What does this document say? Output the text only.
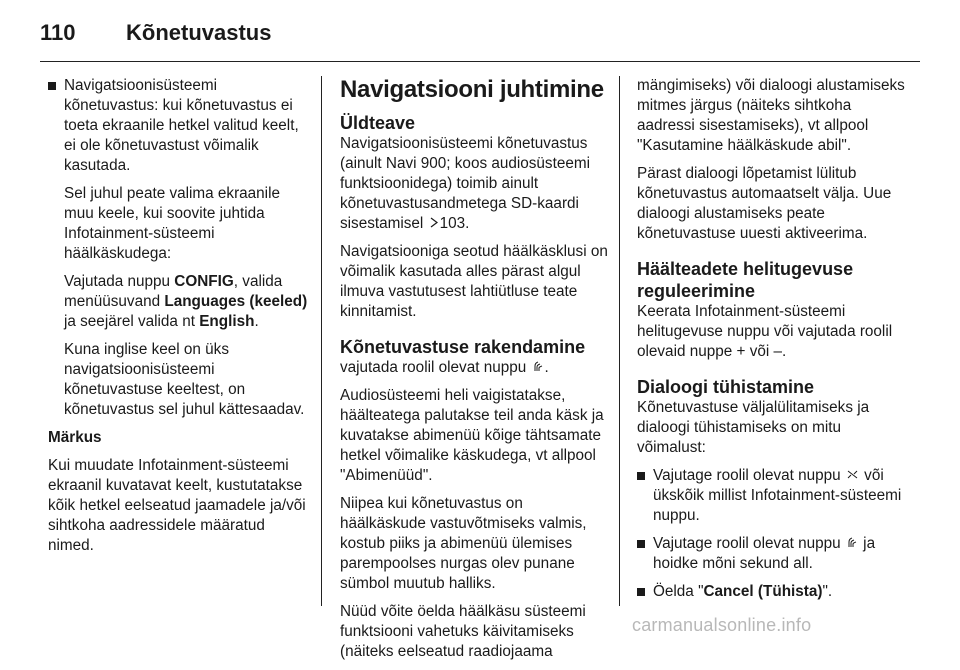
110 Kõnetuvastus

Navigatsioonisüsteemi kõnetuvastus: kui kõnetuvastus ei toeta ekraanile hetkel valitud keelt, ei ole kõnetuvastust võimalik kasutada.

Sel juhul peate valima ekraanile muu keele, kui soovite juhtida Infotainment-süsteemi häälkäskudega:

Vajutada nuppu CONFIG, valida menüüsuvand Languages (keeled) ja seejärel valida nt English.

Kuna inglise keel on üks navigatsioonisüsteemi kõnetuvastuse keeltest, on kõnetuvastus sel juhul kättesaadav.

Märkus

Kui muudate Infotainment-süsteemi ekraanil kuvatavat keelt, kustutatakse kõik hetkel eelseatud jaamadele ja/või sihtkoha aadressidele määratud nimed.

Navigatsiooni juhtimine
Üldteave

Navigatsioonisüsteemi kõnetuvastus (ainult Navi 900; koos audiosüsteemi funktsioonidega) toimib ainult kõnetuvastusandmetega SD-kaardi sisestamisel 103.

Navigatsiooniga seotud häälkäsklusi on võimalik kasutada alles pärast algul ilmuva vastutusest lahtiütluse teate kinnitamist.

Kõnetuvastuse rakendamine

vajutada roolil olevat nuppu .

Audiosüsteemi heli vaigistatakse, häälteatega palutakse teil anda käsk ja kuvatakse abimenüü kõige tähtsamate hetkel võimalike käskudega, vt allpool "Abimenüüd".

Niipea kui kõnetuvastus on häälkäskude vastuvõtmiseks valmis, kostub piiks ja abimenüü ülemises parempoolses nurgas olev punane sümbol muutub halliks.

Nüüd võite öelda häälkäsu süsteemi funktsiooni vahetuks käivitamiseks (näiteks eelseatud raadiojaama

mängimiseks) või dialoogi alustamiseks mitmes järgus (näiteks sihtkoha aadressi sisestamiseks), vt allpool "Kasutamine häälkäskude abil".

Pärast dialoogi lõpetamist lülitub kõnetuvastus automaatselt välja. Uue dialoogi alustamiseks peate kõnetuvastuse uuesti aktiveerima.

Häälteadete helitugevuse reguleerimine

Keerata Infotainment-süsteemi helitugevuse nuppu või vajutada roolil olevaid nuppe + või –.

Dialoogi tühistamine

Kõnetuvastuse väljalülitamiseks ja dialoogi tühistamiseks on mitu võimalust:

Vajutage roolil olevat nuppu või ükskõik millist Infotainment-süsteemi nuppu.
Vajutage roolil olevat nuppu ja hoidke mõni sekund all.
Öelda "Cancel (Tühista)".
carmanualsonline.info
